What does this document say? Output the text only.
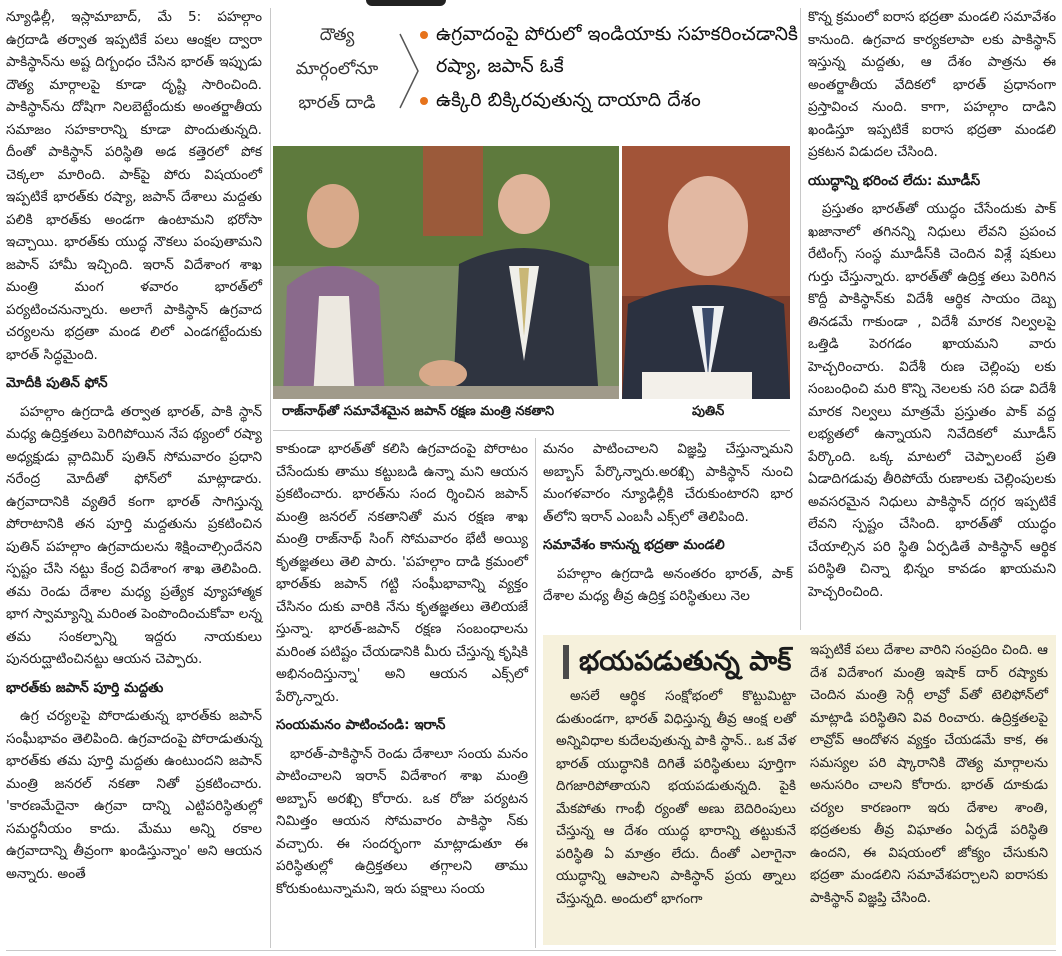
న్యూఢిల్లీ, ఇస్లామాబాద్, మే 5: పహల్గాం ఉగ్రదాడి తర్వాత ఇప్పటికే పలు ఆంక్షల ద్వారా పాకిస్థాన్‌ను అష్ట దిగ్బంధం చేసిన భారత్ ఇప్పుడు దౌత్య మార్గాలపై కూడా దృష్టి సారించింది. పాకిస్థాన్‌ను దోషిగా నిలబెట్టేందుకు అంతర్జాతీయ సమాజం సహకారాన్ని కూడా పొందుతున్నది. దీంతో పాకిస్థాన్ పరిస్థితి అడ కత్తెరలో పోక చెక్కలా మారింది. పాక్‌పై పోరు విషయంలో ఇప్పటికే భారత్‌కు రష్యా, జపాన్ దేశాలు మద్దతు పలికి భారత్‌కు అండగా ఉంటామని భరోసా ఇచ్చాయి. భారత్‌కు యుద్ధ నౌకలు పంపుతామని జపాన్ హామీ ఇచ్చింది. ఇరాన్ విదేశాంగ శాఖ మంత్రి మంగ ళవారం భారత్‌లో పర్యటించనున్నారు. అలాగే పాకిస్థాన్ ఉగ్రవాద చర్యలను భద్రతా మండ లిలో ఎండగట్టేందుకు భారత్ సిద్ధమైంది.

మోదీకి పుతిన్ ఫోన్

పహల్గాం ఉగ్రదాడి తర్వాత భారత్, పాకి స్థాన్ మధ్య ఉద్రిక్తతలు పెరిగిపోయిన నేప థ్యంలో రష్యా అధ్యక్షుడు వ్లాదిమిర్ పుతిన్ సోమవారం ప్రధాని నరేంద్ర మోదీతో ఫోన్‌లో మాట్లాడారు. ఉగ్రవాదానికి వ్యతిరే కంగా భారత్ సాగిస్తున్న పోరాటానికి తన పూర్తి మద్దతును ప్రకటించిన పుతిన్ పహల్గాం ఉగ్రవాదులను శిక్షించాల్సిందేనని స్పష్టం చేసి నట్టు కేంద్ర విదేశాంగ శాఖ తెలిపింది. తమ రెండు దేశాల మధ్య ప్రత్యేక వ్యూహాత్మక భాగ స్వామ్యాన్ని మరింత పెంపొందించుకోవా లన్న తమ సంకల్పాన్ని ఇద్దరు నాయకులు పునరుద్ఘాటించినట్టు ఆయన చెప్పారు.

భారత్‌కు జపాన్ పూర్తి మద్దతు

ఉగ్ర చర్యలపై పోరాడుతున్న భారత్‌కు జపాన్ సంఘీభావం తెలిపింది. ఉగ్రవాదంపై పోరాడుతున్న భారత్‌కు తమ పూర్తి మద్దతు ఉంటుందని జపాన్ మంత్రి జనరల్ నకతా నితో ప్రకటించారు. 'కారణమేదైనా ఉగ్రవా దాన్ని ఎట్టిపరిస్థితుల్లో సమర్థనీయం కాదు. మేము అన్ని రకాల ఉగ్రవాదాన్ని తీవ్రంగా ఖండిస్తున్నాం' అని ఆయన అన్నారు. అంతే

దౌత్య
మార్గంలోనూ
భారత్ దాడి
ఉగ్రవాదంపై పోరులో ఇండియాకు సహకరించడానికి రష్యా, జపాన్ ఓకే
ఉక్కిరి బిక్కిరవుతున్న దాయాది దేశం
రాజ్‌నాథ్‌తో సమావేశమైన జపాన్ రక్షణ మంత్రి నకతాని	పుతిన్

కాకుండా భారత్‌తో కలిసి ఉగ్రవాదంపై పోరాటం చేసేందుకు తాము కట్టుబడి ఉన్నా మని ఆయన ప్రకటించారు. భారత్‌ను సంద ర్శించిన జపాన్ మంత్రి జనరల్ నకతానితో మన రక్షణ శాఖ మంత్రి రాజ్‌నాథ్ సింగ్ సోమవారం భేటీ అయ్యి కృతజ్ఞతలు తెలి పారు. 'పహల్గాం దాడి క్రమంలో భారత్‌కు జపాన్ గట్టి సంఘీభావాన్ని వ్యక్తం చేసినం దుకు వారికి నేను కృతజ్ఞతలు తెలియజే స్తున్నా. భారత్-జపాన్ రక్షణ సంబంధాలను మరింత పటిష్టం చేయడానికి మీరు చేస్తున్న కృషికి అభినందిస్తున్నా' అని ఆయన ఎక్స్‌లో పేర్కొన్నారు.

సంయమనం పాటించండి: ఇరాన్

భారత్-పాకిస్థాన్ రెండు దేశాలూ సంయ మనం పాటించాలని ఇరాన్ విదేశాంగ శాఖ మంత్రి అబ్బాస్ అరఖ్చి కోరారు. ఒక రోజు పర్యటన నిమిత్తం ఆయన సోమవారం పాకిస్థా న్‌కు వచ్చారు. ఈ సందర్భంగా మాట్లాడుతూ ఈ పరిస్థితుల్లో ఉద్రిక్తతలు తగ్గాలని తాము కోరుకుంటున్నామని, ఇరు పక్షాలు సంయ

మనం పాటించాలని విజ్ఞప్తి చేస్తున్నామని అబ్బాస్ పేర్కొన్నారు.అరఖ్చి పాకిస్థాన్ నుంచి మంగళవారం న్యూఢిల్లీకి చేరుకుంటారని భార త్‌లోని ఇరాన్ ఎంబసీ ఎక్స్‌లో తెలిపింది.

సమావేశం కానున్న భద్రతా మండలి

పహల్గాం ఉగ్రదాడి అనంతరం భారత్, పాక్ దేశాల మధ్య తీవ్ర ఉద్రిక్త పరిస్థితులు నెల

కొన్న క్రమంలో ఐరాస భద్రతా మండలి సమావేశం కానుంది. ఉగ్రవాద కార్యకలాపా లకు పాకిస్థాన్ ఇస్తున్న మద్దతు, ఆ దేశం పాత్రను ఈ అంతర్జాతీయ వేదికలో భారత్ ప్రధానంగా ప్రస్తావించ నుంది. కాగా, పహల్గాం దాడిని ఖండిస్తూ ఇప్పటికే ఐరాస భద్రతా మండలి ప్రకటన విడుదల చేసింది.

యుద్ధాన్ని భరించ లేదు: మూడీస్

ప్రస్తుతం భారత్‌తో యుద్ధం చేసేందుకు పాక్ ఖజానాలో తగినన్ని నిధులు లేవని ప్రపంచ రేటింగ్స్ సంస్థ మూడీస్‌కి చెందిన విశ్లే షకులు గుర్తు చేస్తున్నారు. భారత్‌తో ఉద్రిక్త తలు పెరిగిన కొద్దీ పాకిస్థాన్‌కు విదేశీ ఆర్థిక సాయం దెబ్బ తినడమే గాకుండా , విదేశీ మారక నిల్వలపై ఒత్తిడి పెరగడం ఖాయమని వారు హెచ్చరించారు. విదేశీ రుణ చెల్లింపు లకు సంబంధించి మరి కొన్ని నెలలకు సరి పడా విదేశీ మారక నిల్వలు మాత్రమే ప్రస్తుతం పాక్ వద్ద లభ్యతలో ఉన్నాయని నివేదికలో మూడీస్ పేర్కొంది. ఒక్క మాటలో చెప్పాలంటే ప్రతి ఏడాదిగడువు తీరిపోయే రుణాలకు చెల్లింపులకు అవసరమైన నిధులు పాకిస్థాన్ దగ్గర ఇప్పటికే లేవని స్పష్టం చేసింది. భారత్‌తో యుద్ధం చేయాల్సిన పరి స్థితి ఏర్పడితే పాకిస్థాన్ ఆర్థిక పరిస్థితి చిన్నా భిన్నం కావడం ఖాయమని హెచ్చరించింది.

భయపడుతున్న పాక్

అసలే ఆర్థిక సంక్షోభంలో కొట్టుమిట్టా డుతుండగా, భారత్ విధిస్తున్న తీవ్ర ఆంక్ష లతో అన్నివిధాల కుదేలవుతున్న పాకి స్థాన్.. ఒక వేళ భారత్ యుద్ధానికి దిగితే పరిస్థితులు పూర్తిగా దిగజారిపోతాయని భయపడుతున్నది. పైకి మేకపోతు గాంభీ ర్యంతో అణు బెదిరింపులు చేస్తున్న ఆ దేశం యుద్ధ భారాన్ని తట్టుకునే పరిస్థితి ఏ మాత్రం లేదు. దీంతో ఎలాగైనా యుద్ధాన్ని ఆపాలని పాకిస్థాన్ ప్రయ త్నాలు చేస్తున్నది. అందులో భాగంగా

ఇప్పటికే పలు దేశాల వారిని సంప్రదిం చింది. ఆ దేశ విదేశాంగ మంత్రి ఇషాక్ దార్ రష్యాకు చెందిన మంత్రి సెర్గీ లావ్రో వ్‌తో టెలిఫోన్‌లో మాట్లాడి పరిస్థితిని వివ రించారు. ఉద్రిక్తతలపై లావ్రోవ్ ఆందోళన వ్యక్తం చేయడమే కాక, ఈ సమస్యల పరి ష్కారానికి దౌత్య మార్గాలను అనుసరిం చాలని కోరారు. భారత్ దూకుడు చర్యల కారణంగా ఇరు దేశాల శాంతి, భద్రతలకు తీవ్ర విఘాతం ఏర్పడే పరిస్థితి ఉందని, ఈ విషయంలో జోక్యం చేసుకుని భద్రతా మండలిని సమావేశపర్చాలని ఐరాసకు పాకిస్థాన్ విజ్ఞప్తి చేసింది.
